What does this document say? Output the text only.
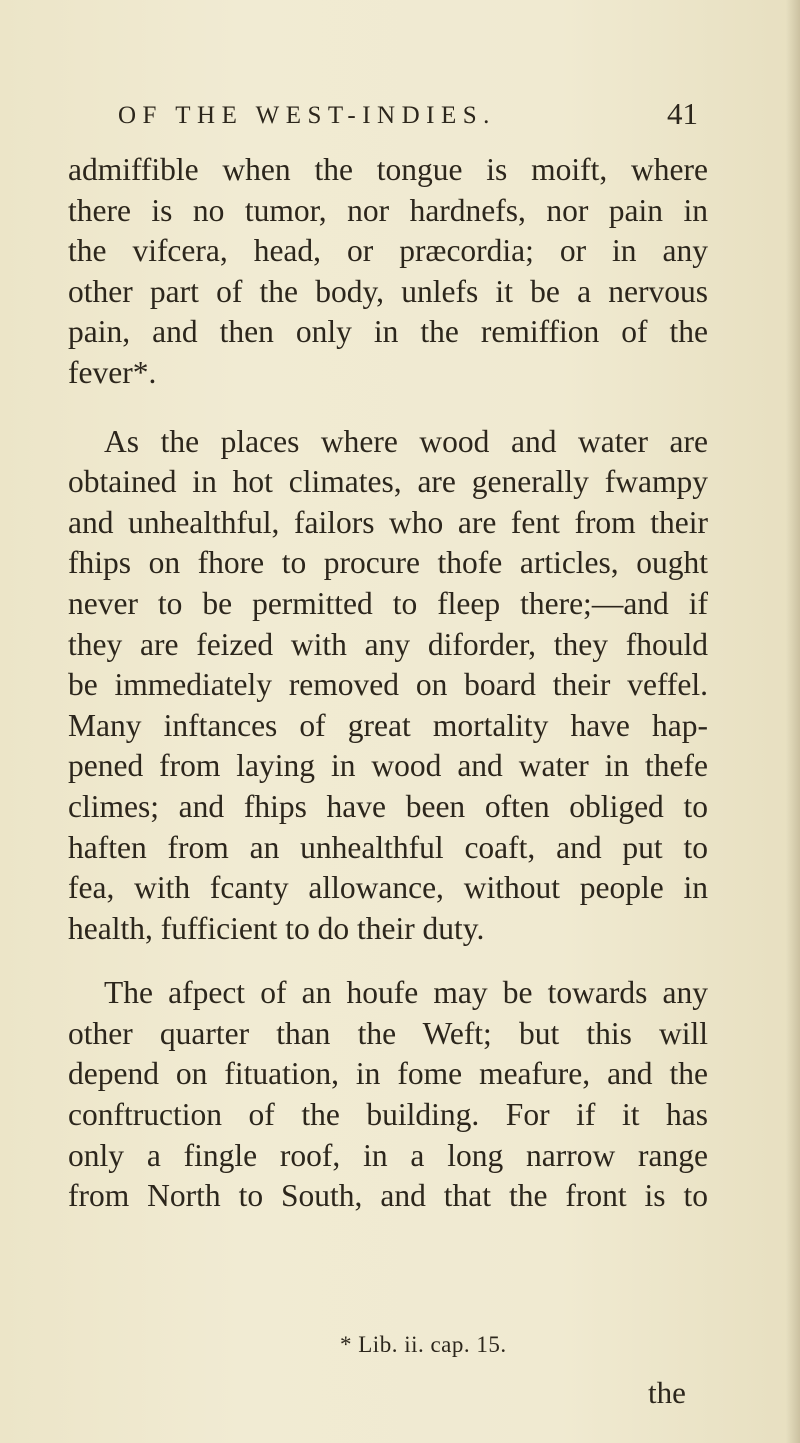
OF THE WEST-INDIES.	41
admiffible when the tongue is moift, where
there is no tumor, nor hardnefs, nor pain in
the vifcera, head, or præcordia; or in any
other part of the body, unlefs it be a nervous
pain, and then only in the remiffion of the
fever*.
As the places where wood and water are
obtained in hot climates, are generally fwampy
and unhealthful, failors who are fent from their
fhips on fhore to procure thofe articles, ought
never to be permitted to fleep there;—and if
they are feized with any diforder, they fhould
be immediately removed on board their veffel.
Many inftances of great mortality have hap-
pened from laying in wood and water in thefe
climes; and fhips have been often obliged to
haften from an unhealthful coaft, and put to
fea, with fcanty allowance, without people in
health, fufficient to do their duty.
The afpect of an houfe may be towards any
other quarter than the Weft; but this will
depend on fituation, in fome meafure, and the
conftruction of the building. For if it has
only a fingle roof, in a long narrow range
from North to South, and that the front is to
* Lib. ii. cap. 15.
the
